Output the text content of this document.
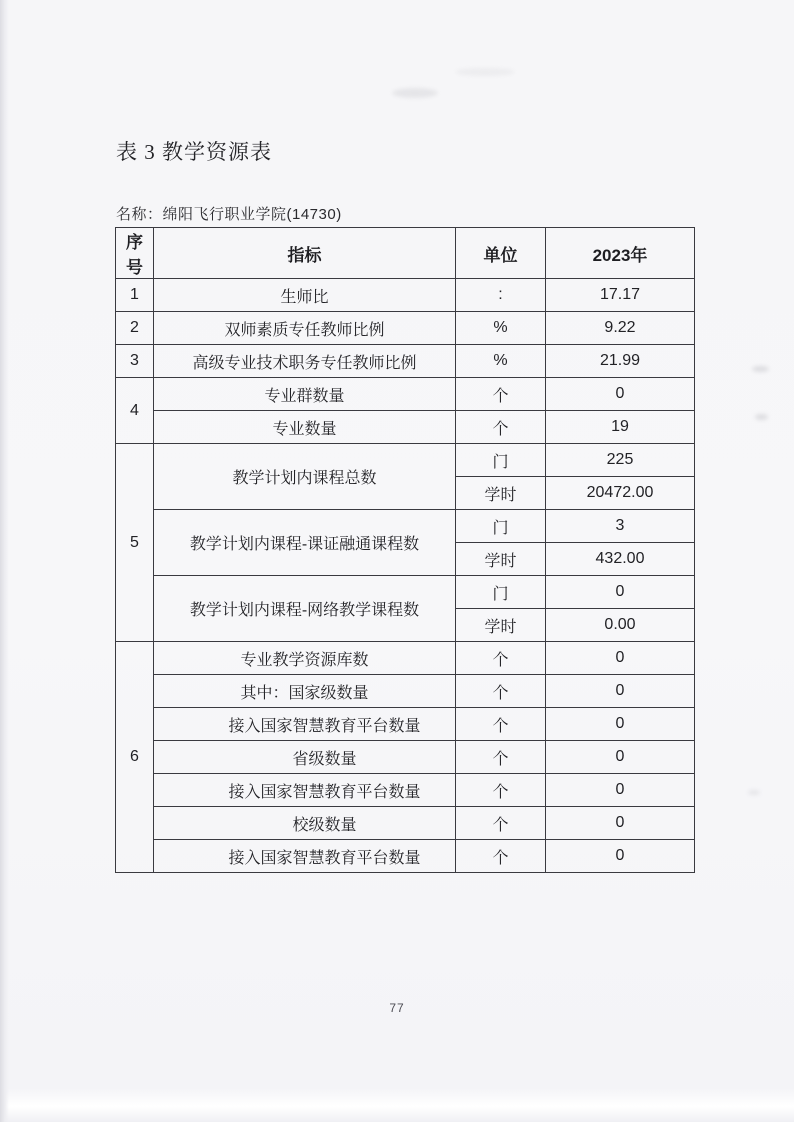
表 3 教学资源表
名称：绵阳飞行职业学院(14730)
序号	指标	单位	2023年
1	生师比	:	17.17
2	双师素质专任教师比例	%	9.22
3	高级专业技术职务专任教师比例	%	21.99
4	专业群数量	个	0
	专业数量	个	19
5	教学计划内课程总数	门	225
		学时	20472.00
	教学计划内课程-课证融通课程数	门	3
		学时	432.00
	教学计划内课程-网络教学课程数	门	0
		学时	0.00
6	专业教学资源库数	个	0
	其中：国家级数量	个	0
	接入国家智慧教育平台数量	个	0
	省级数量	个	0
	接入国家智慧教育平台数量	个	0
	校级数量	个	0
	接入国家智慧教育平台数量	个	0
77
